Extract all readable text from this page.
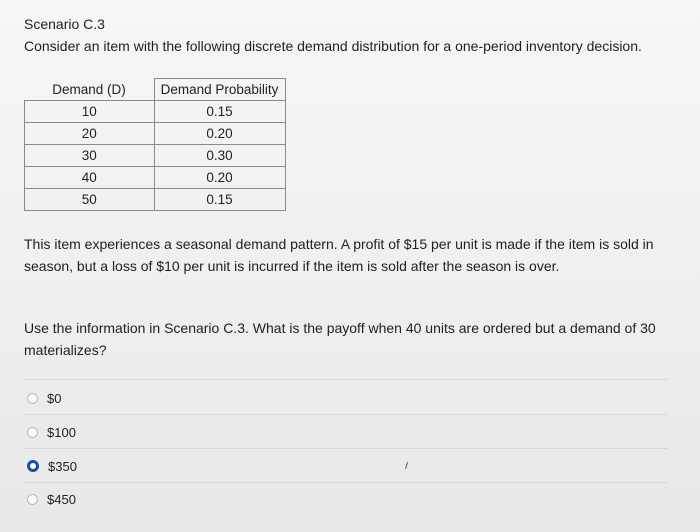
Scenario C.3

Consider an item with the following discrete demand distribution for a one-period inventory decision.

Demand (D)	Demand Probability
10	0.15
20	0.20
30	0.30
40	0.20
50	0.15

This item experiences a seasonal demand pattern. A profit of $15 per unit is made if the item is sold in season, but a loss of $10 per unit is incurred if the item is sold after the season is over.

Use the information in Scenario C.3. What is the payoff when 40 units are ordered but a demand of 30 materializes?

$0
$100
$350
$450
